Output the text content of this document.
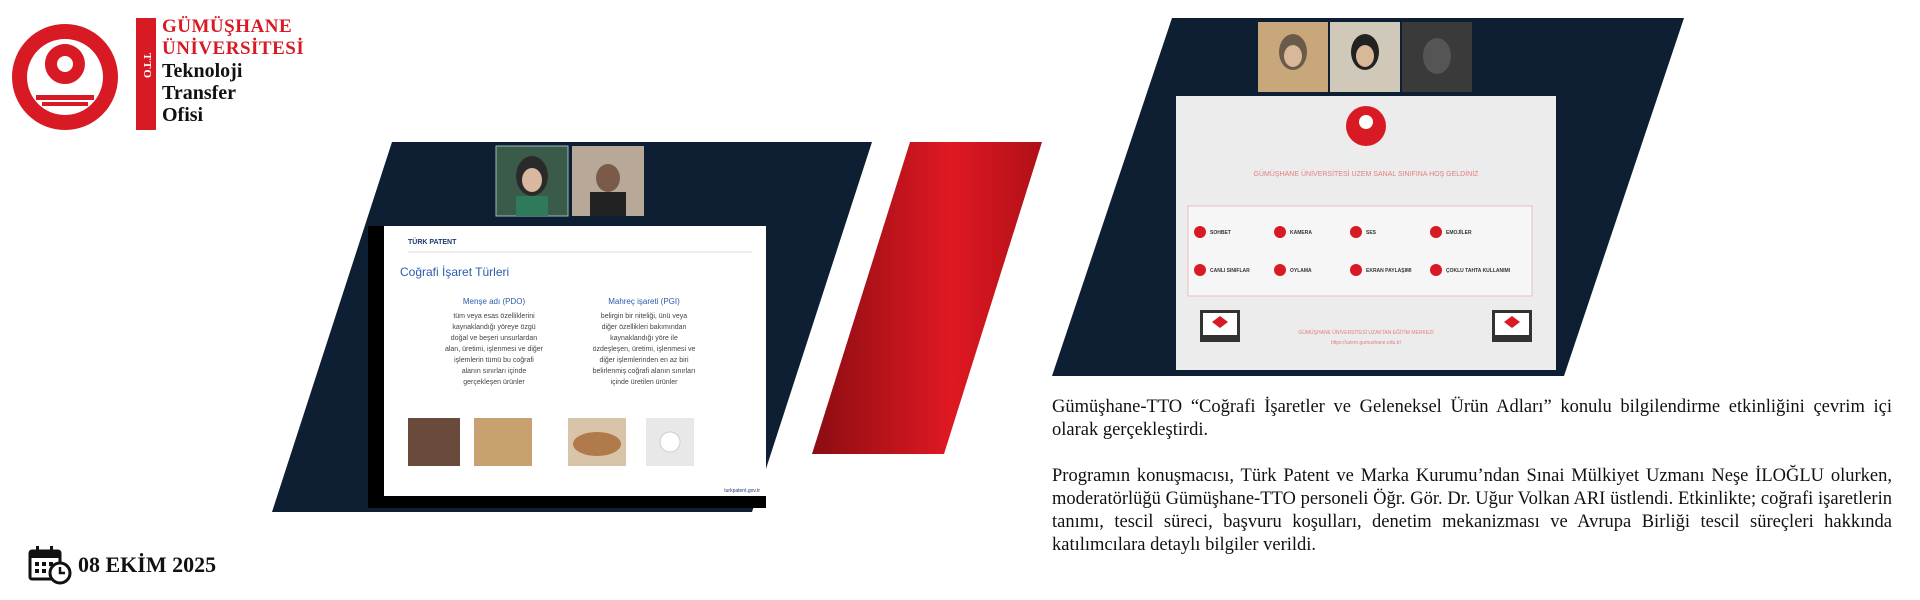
TTO
GÜMÜŞHANE
ÜNİVERSİTESİ
Teknoloji
Transfer
Ofisi
TÜRK PATENT
Coğrafi İşaret Türleri
Menşe adı (PDO)	Mahreç işareti (PGI)
tüm veya esas özelliklerini
kaynaklandığı yöreye özgü
doğal ve beşeri unsurlardan
alan, üretimi, işlenmesi ve diğer
işlemlerin tümü bu coğrafi
alanın sınırları içinde
gerçekleşen ürünler
belirgin bir niteliği, ünü veya
diğer özellikleri bakımından
kaynaklandığı yöre ile
özdeşleşen, üretimi, işlenmesi ve
diğer işlemlerinden en az biri
belirlenmiş coğrafi alanın sınırları
içinde üretilen ürünler
turkpatent.gov.tr
GÜMÜŞHANE ÜNİVERSİTESİ UZEM SANAL SINIFINA HOŞ GELDİNİZ
SOHBET	KAMERA	SES	EMOJİLER
CANLI SINIFLAR	OYLAMA	EKRAN PAYLAŞIMI	ÇOKLU TAHTA KULLANIMI
GÜMÜŞHANE ÜNİVERSİTESİ UZAKTAN EĞİTİM MERKEZİ
https://uzem.gumushane.edu.tr/

Gümüşhane-TTO “Coğrafi İşaretler ve Geleneksel Ürün Adları” konulu bilgilendirme etkinliğini çevrim içi olarak gerçekleştirdi.

Programın konuşmacısı, Türk Patent ve Marka Kurumu’ndan Sınai Mülkiyet Uzmanı Neşe İLOĞLU olurken, moderatörlüğü Gümüşhane-TTO personeli Öğr. Gör. Dr. Uğur Volkan ARI üstlendi. Etkinlikte; coğrafi işaretlerin tanımı, tescil süreci, başvuru koşulları, denetim mekanizması ve Avrupa Birliği tescil süreçleri hakkında katılımcılara detaylı bilgiler verildi.

08 EKİM 2025
